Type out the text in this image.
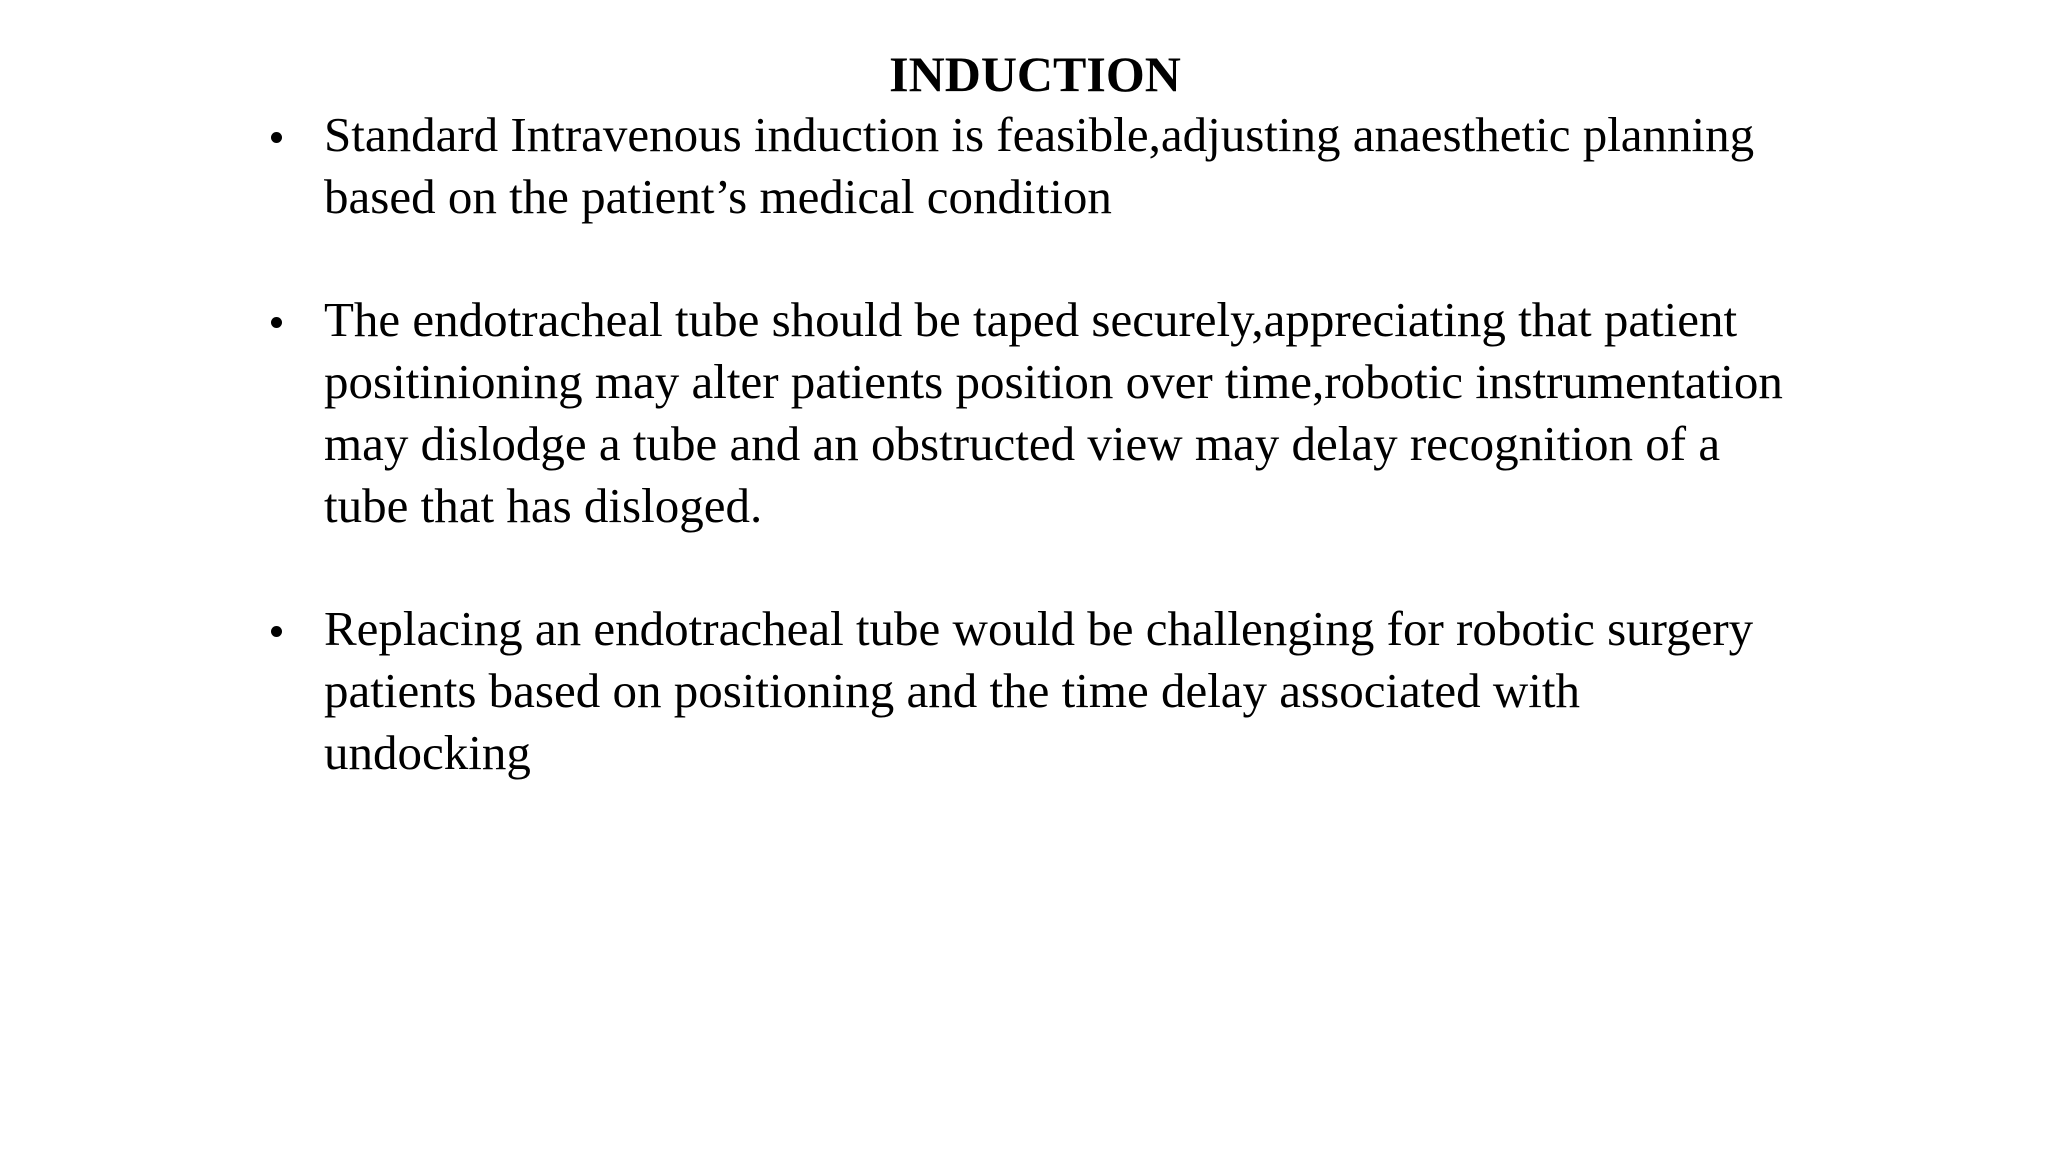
INDUCTION
Standard Intravenous induction is feasible,adjusting anaesthetic planning
based on the patient’s medical condition
The endotracheal tube should be taped securely,appreciating that patient
positinioning may alter patients position over time,robotic instrumentation
may dislodge a tube and an obstructed view may delay recognition of a
tube that has disloged.
Replacing an endotracheal tube would be challenging for robotic surgery
patients based on positioning and the time delay associated with
undocking
